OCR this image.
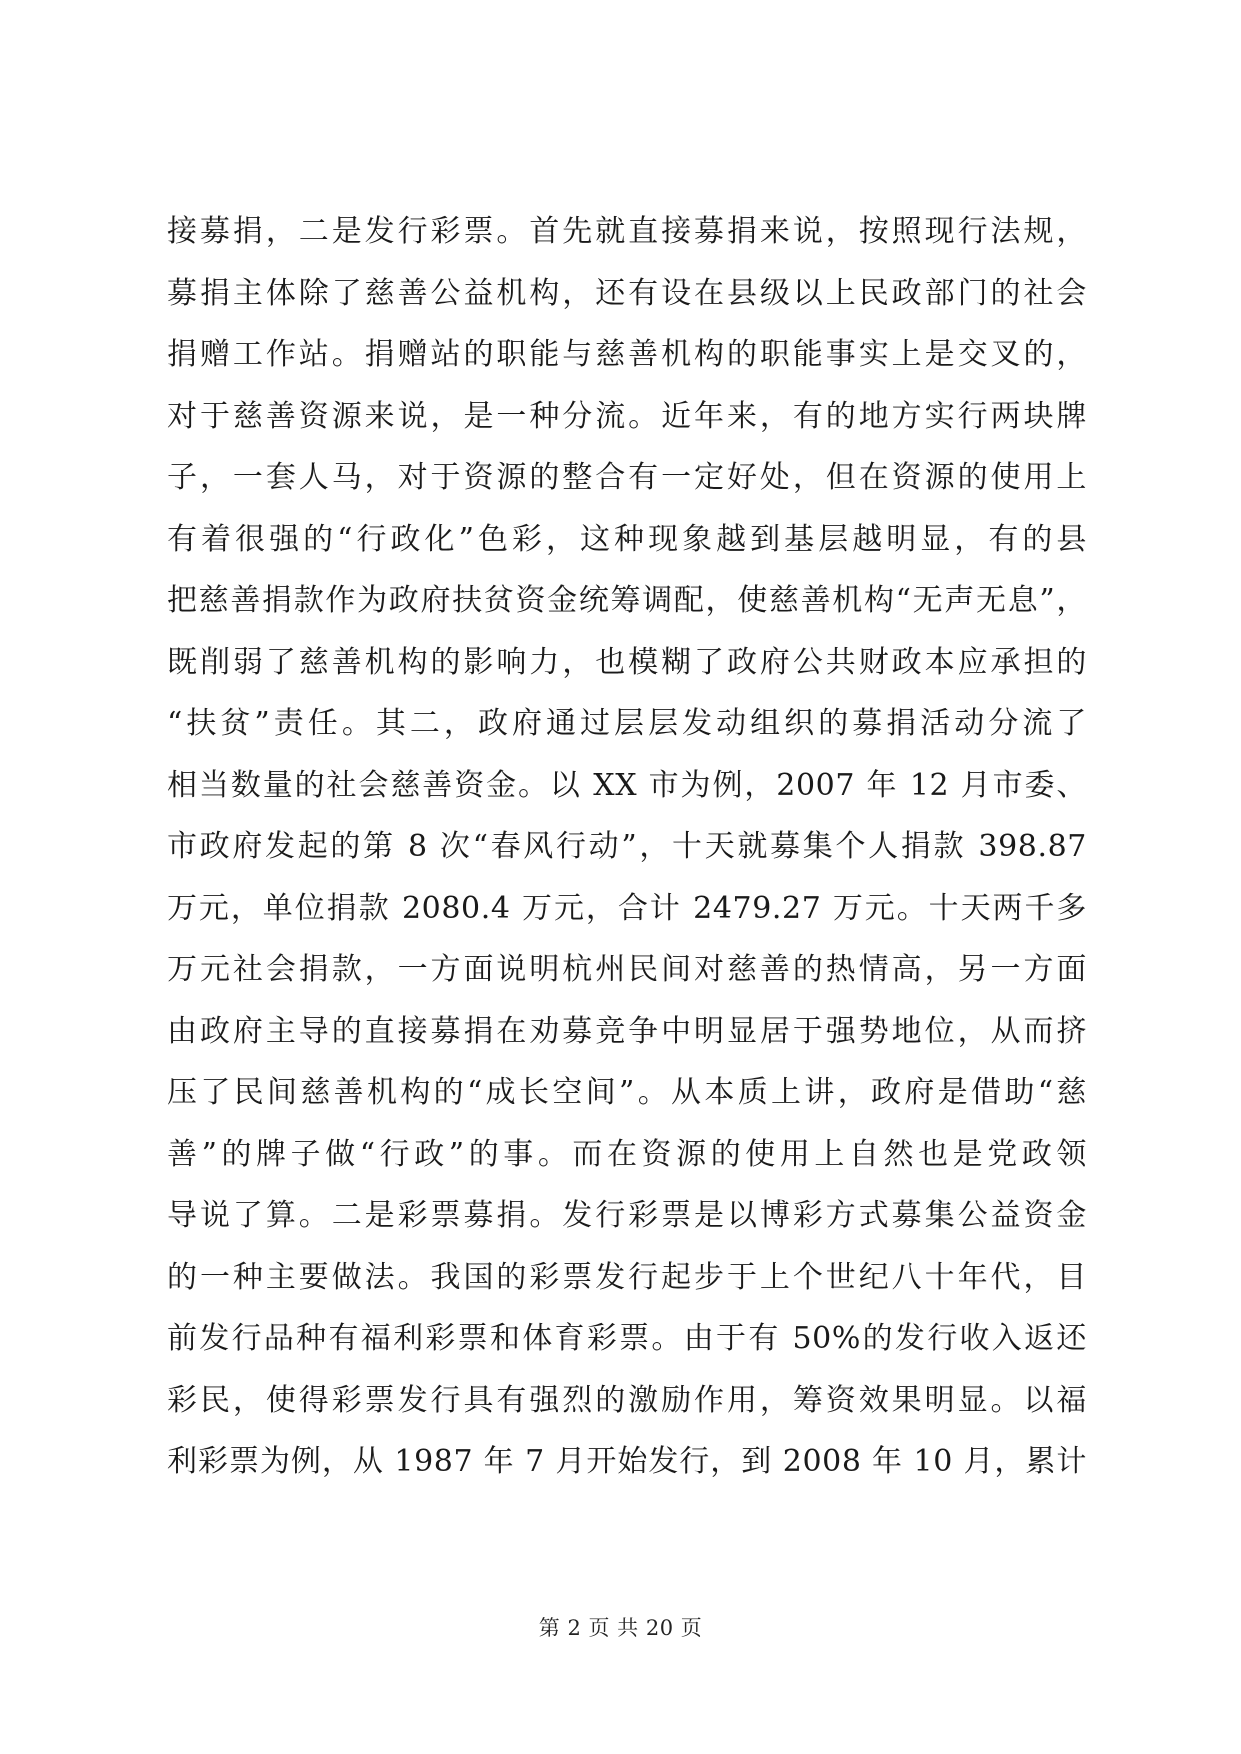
接募捐，二是发行彩票。首先就直接募捐来说，按照现行法规，
募捐主体除了慈善公益机构，还有设在县级以上民政部门的社会
捐赠工作站。捐赠站的职能与慈善机构的职能事实上是交叉的，
对于慈善资源来说，是一种分流。近年来，有的地方实行两块牌
子，一套人马，对于资源的整合有一定好处，但在资源的使用上
有着很强的“行政化”色彩，这种现象越到基层越明显，有的县
把慈善捐款作为政府扶贫资金统筹调配，使慈善机构“无声无息”，
既削弱了慈善机构的影响力，也模糊了政府公共财政本应承担的
“扶贫”责任。其二，政府通过层层发动组织的募捐活动分流了
相当数量的社会慈善资金。以 XX 市为例，2007 年 12 月市委、
市政府发起的第 8 次“春风行动”，十天就募集个人捐款 398.87
万元，单位捐款 2080.4 万元，合计 2479.27 万元。十天两千多
万元社会捐款，一方面说明杭州民间对慈善的热情高，另一方面
由政府主导的直接募捐在劝募竞争中明显居于强势地位，从而挤
压了民间慈善机构的“成长空间”。从本质上讲，政府是借助“慈
善”的牌子做“行政”的事。而在资源的使用上自然也是党政领
导说了算。二是彩票募捐。发行彩票是以博彩方式募集公益资金
的一种主要做法。我国的彩票发行起步于上个世纪八十年代，目
前发行品种有福利彩票和体育彩票。由于有 50%的发行收入返还
彩民，使得彩票发行具有强烈的激励作用，筹资效果明显。以福
利彩票为例，从 1987 年 7 月开始发行，到 2008 年 10 月，累计
第 2 页 共 20 页
